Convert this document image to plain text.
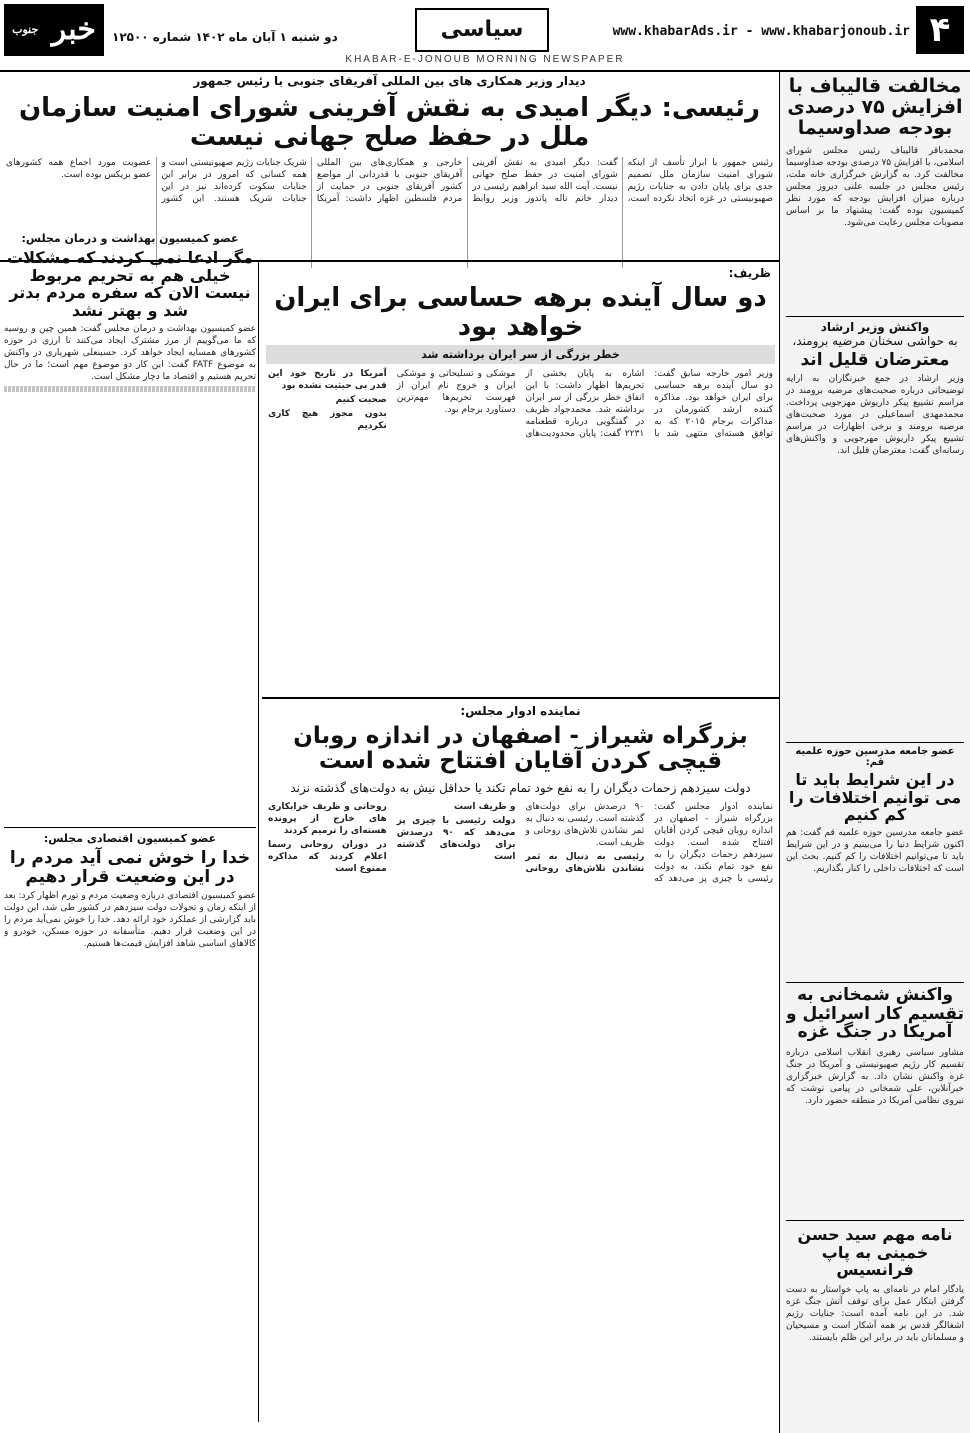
۴
www.khabarAds.ir - www.khabarjonoub.ir
سیاسی
خبر $^{جنوب}$
دو شنبه ۱ آبان ماه ۱۴۰۲ شماره ۱۲۵۰۰
KHABAR-E-JONOUB MORNING NEWSPAPER
مخالفت قالیباف با افزایش ۷۵ درصدی بودجه صداوسیما
محمدباقر قالیباف رئیس مجلس شورای اسلامی، با افزایش ۷۵ درصدی بودجه صداوسیما مخالفت کرد. به گزارش خبرگزاری خانه ملت، رئیس مجلس در جلسه علنی دیروز مجلس درباره میزان افزایش بودجه که مورد نظر کمیسیون بوده گفت: پیشنهاد ما بر اساس مصوبات مجلس رعایت می‌شود.
واکنش وزیر ارشاد
به حواشی سخنان مرضیه برومند،
معترضان قلیل اند
وزیر ارشاد در جمع خبرنگاران به ارایه توضیحاتی درباره صحبت‌های مرضیه برومند در مراسم تشییع پیکر داریوش مهرجویی پرداخت. محمدمهدی اسماعیلی در مورد صحبت‌های مرضیه برومند و برخی اظهارات در مراسم تشییع پیکر داریوش مهرجویی و واکنش‌های رسانه‌ای گفت: معترضان قلیل اند.
عضو جامعه مدرسین حوزه علمیه قم:
در این شرایط باید تا می توانیم اختلافات را کم کنیم
عضو جامعه مدرسین حوزه علمیه قم گفت: هم اکنون شرایط دنیا را می‌بینیم و در این شرایط باید تا می‌توانیم اختلافات را کم کنیم. بحث این است که اختلافات داخلی را کنار بگذاریم.
واکنش شمخانی به تقسیم کار اسرائیل و آمریکا در جنگ غزه
مشاور سیاسی رهبری انقلاب اسلامی درباره تقسیم کار رژیم صهیونیستی و آمریکا در جنگ غزه واکنش نشان داد. به گزارش خبرگزاری خبرآنلاین، علی شمخانی در پیامی نوشت که نیروی نظامی آمریکا در منطقه حضور دارد.
نامه مهم سید حسن خمینی به پاپ فرانسیس
یادگار امام در نامه‌ای به پاپ خواستار به دست گرفتن ابتکار عمل برای توقف آتش جنگ غزه شد. در این نامه آمده است: جنایات رژیم اشغالگر قدس بر همه آشکار است و مسیحیان و مسلمانان باید در برابر این ظلم بایستند.
دیدار وزیر همکاری های بین المللی آفریقای جنوبی با رئیس جمهور
رئیسی: دیگر امیدی به نقش آفرینی شورای امنیت سازمان ملل در حفظ صلح جهانی نیست
رئیس جمهور با ابراز تأسف از اینکه شورای امنیت سازمان ملل تصمیم جدی برای پایان دادن به جنایات رژیم صهیونیستی در غزه اتخاذ نکرده است، گفت: دیگر امیدی به نقش آفرینی شورای امنیت در حفظ صلح جهانی نیست. آیت الله سید ابراهیم رئیسی در دیدار خانم ناله پاندور وزیر روابط خارجی و همکاری‌های بین المللی آفریقای جنوبی با قدردانی از مواضع کشور آفریقای جنوبی در حمایت از مردم فلسطین اظهار داشت: آمریکا شریک جنایات رژیم صهیونیستی است و همه کسانی که امروز در برابر این جنایات سکوت کرده‌اند نیز در این جنایات شریک هستند. این کشور عضویت مورد اجماع همه کشورهای عضو بریکس بوده است.
عضو کمیسیون بهداشت و درمان مجلس:
مگر ادعا نمی کردند که مشکلات خیلی هم به تحریم مربوط نیست الان که سفره مردم بدتر شد و بهتر نشد
عضو کمیسیون بهداشت و درمان مجلس گفت: همین چین و روسیه که ما می‌گوییم از مرز مشترک ایجاد می‌کنند تا ارزی در حوزه کشورهای همسایه ایجاد خواهد کرد. حسینعلی شهریاری در واکنش به موضوع FATF گفت: این کار دو موضوع مهم است؛ ما در حال تحریم هستیم و اقتصاد ما دچار مشکل است.
ظریف:
دو سال آینده برهه حساسی برای ایران خواهد بود
خطر بزرگی از سر ایران برداشته شد

وزیر امور خارجه سابق گفت: دو سال آینده برهه حساسی برای ایران خواهد بود. مذاکره کننده ارشد کشورمان در مذاکرات برجام ۲۰۱۵ که به توافق هسته‌ای منتهی شد با اشاره به پایان بخشی از تحریم‌ها اظهار داشت: با این اتفاق خطر بزرگی از سر ایران برداشته شد. محمدجواد ظریف در گفتگویی درباره قطعنامه ۲۲۳۱ گفت: پایان محدودیت‌های موشکی و تسلیحاتی و موشکی ایران و خروج نام ایران از فهرست تحریم‌ها مهم‌ترین دستاورد برجام بود.

آمریکا در تاریخ خود این قدر بی حیثیت نشده بود

صحبت کنیم

بدون مجوز هیچ کاری نکردیم

عضو کمیسیون اقتصادی مجلس:
خدا را خوش نمی آید مردم را در این وضعیت قرار دهیم
عضو کمیسیون اقتصادی درباره وضعیت مردم و تورم اظهار کرد: بعد از اینکه زمان و تحولات دولت سیزدهم در کشور طی شد، این دولت باید گزارشی از عملکرد خود ارائه دهد. خدا را خوش نمی‌آید مردم را در این وضعیت قرار دهیم. متأسفانه در حوزه مسکن، خودرو و کالاهای اساسی شاهد افزایش قیمت‌ها هستیم.
نماینده ادوار مجلس:
بزرگراه شیراز - اصفهان در اندازه روبان قیچی کردن آقایان افتتاح شده است
دولت سیزدهم زحمات دیگران را به نفع خود تمام تکند یا حداقل نیش به دولت‌های گذشته نزند

نماینده ادوار مجلس گفت: بزرگراه شیراز - اصفهان در اندازه روبان قیچی کردن آقایان افتتاح شده است. دولت سیزدهم زحمات دیگران را به نفع خود تمام نکند. به دولت رئیسی با چیزی پز می‌دهد که ۹۰ درصدش برای دولت‌های گذشته است. رئیسی به دنبال به ثمر نشاندن تلاش‌های روحانی و ظریف است.

رئیسی به دنبال به ثمر نشاندن تلاش‌های روحانی و ظریف است

دولت رئیسی با چیزی پز می‌دهد که ۹۰ درصدش برای دولت‌های گذشته است

روحانی و ظریف خرابکاری های خارج از پرونده هسته‌ای را ترمیم کردند

در دوران روحانی رسما اعلام کردند که مذاکره ممنوع است
